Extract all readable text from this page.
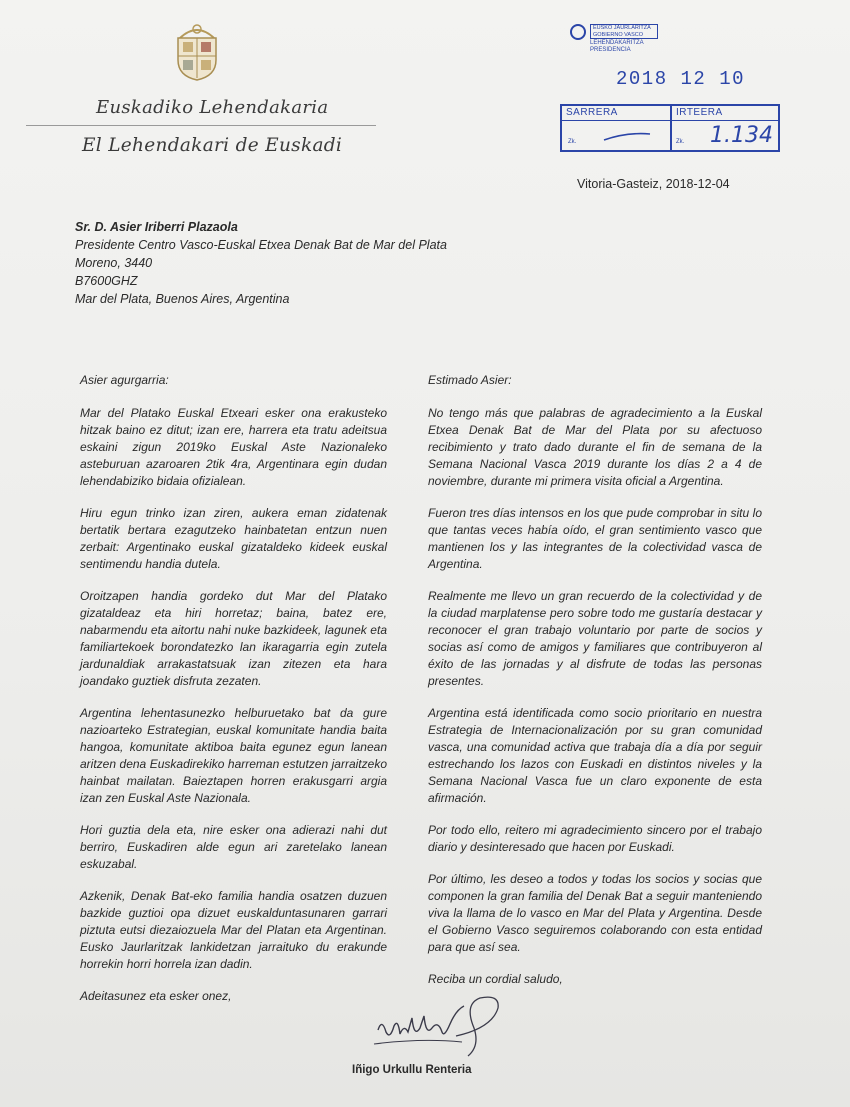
Euskadiko Lehendakaria
El Lehendakari de Euskadi
EUSKO JAURLARITZA
GOBIERNO VASCO
LEHENDAKARITZA
PRESIDENCIA
2018 12 10
SARRERA	IRTEERA
Zk.	Zk. 1.134
Vitoria-Gasteiz, 2018-12-04
Sr. D. Asier Iriberri Plazaola
Presidente Centro Vasco-Euskal Etxea Denak Bat de Mar del Plata
Moreno, 3440
B7600GHZ
Mar del Plata, Buenos Aires, Argentina

Asier agurgarria:

Mar del Platako Euskal Etxeari esker ona erakusteko hitzak baino ez ditut; izan ere, harrera eta tratu adeitsua eskaini zigun 2019ko Euskal Aste Nazionaleko asteburuan azaroaren 2tik 4ra, Argentinara egin dudan lehendabiziko bidaia ofizialean.

Hiru egun trinko izan ziren, aukera eman zidatenak bertatik bertara ezagutzeko hainbatetan entzun nuen zerbait: Argentinako euskal gizataldeko kideek euskal sentimendu handia dutela.

Oroitzapen handia gordeko dut Mar del Platako gizataldeaz eta hiri horretaz; baina, batez ere, nabarmendu eta aitortu nahi nuke bazkideek, lagunek eta familiartekoek borondatezko lan ikaragarria egin zutela jardunaldiak arrakastatsuak izan zitezen eta hara joandako guztiek disfruta zezaten.

Argentina lehentasunezko helburuetako bat da gure nazioarteko Estrategian, euskal komunitate handia baita hangoa, komunitate aktiboa baita egunez egun lanean aritzen dena Euskadirekiko harreman estutzen jarraitzeko hainbat mailatan. Baieztapen horren erakusgarri argia izan zen Euskal Aste Nazionala.

Hori guztia dela eta, nire esker ona adierazi nahi dut berriro, Euskadiren alde egun ari zaretelako lanean eskuzabal.

Azkenik, Denak Bat-eko familia handia osatzen duzuen bazkide guztioi opa dizuet euskalduntasunaren garrari piztuta eutsi diezaiozuela Mar del Platan eta Argentinan. Eusko Jaurlaritzak lankidetzan jarraituko du erakunde horrekin horri horrela izan dadin.

Adeitasunez eta esker onez,

Estimado Asier:

No tengo más que palabras de agradecimiento a la Euskal Etxea Denak Bat de Mar del Plata por su afectuoso recibimiento y trato dado durante el fin de semana de la Semana Nacional Vasca 2019 durante los días 2 a 4 de noviembre, durante mi primera visita oficial a Argentina.

Fueron tres días intensos en los que pude comprobar in situ lo que tantas veces había oído, el gran sentimiento vasco que mantienen los y las integrantes de la colectividad vasca de Argentina.

Realmente me llevo un gran recuerdo de la colectividad y de la ciudad marplatense pero sobre todo me gustaría destacar y reconocer el gran trabajo voluntario por parte de socios y socias así como de amigos y familiares que contribuyeron al éxito de las jornadas y al disfrute de todas las personas presentes.

Argentina está identificada como socio prioritario en nuestra Estrategia de Internacionalización por su gran comunidad vasca, una comunidad activa que trabaja día a día por seguir estrechando los lazos con Euskadi en distintos niveles y la Semana Nacional Vasca fue un claro exponente de esta afirmación.

Por todo ello, reitero mi agradecimiento sincero por el trabajo diario y desinteresado que hacen por Euskadi.

Por último, les deseo a todos y todas los socios y socias que componen la gran familia del Denak Bat a seguir manteniendo viva la llama de lo vasco en Mar del Plata y Argentina. Desde el Gobierno Vasco seguiremos colaborando con esta entidad para que así sea.

Reciba un cordial saludo,

Iñigo Urkullu Renteria
